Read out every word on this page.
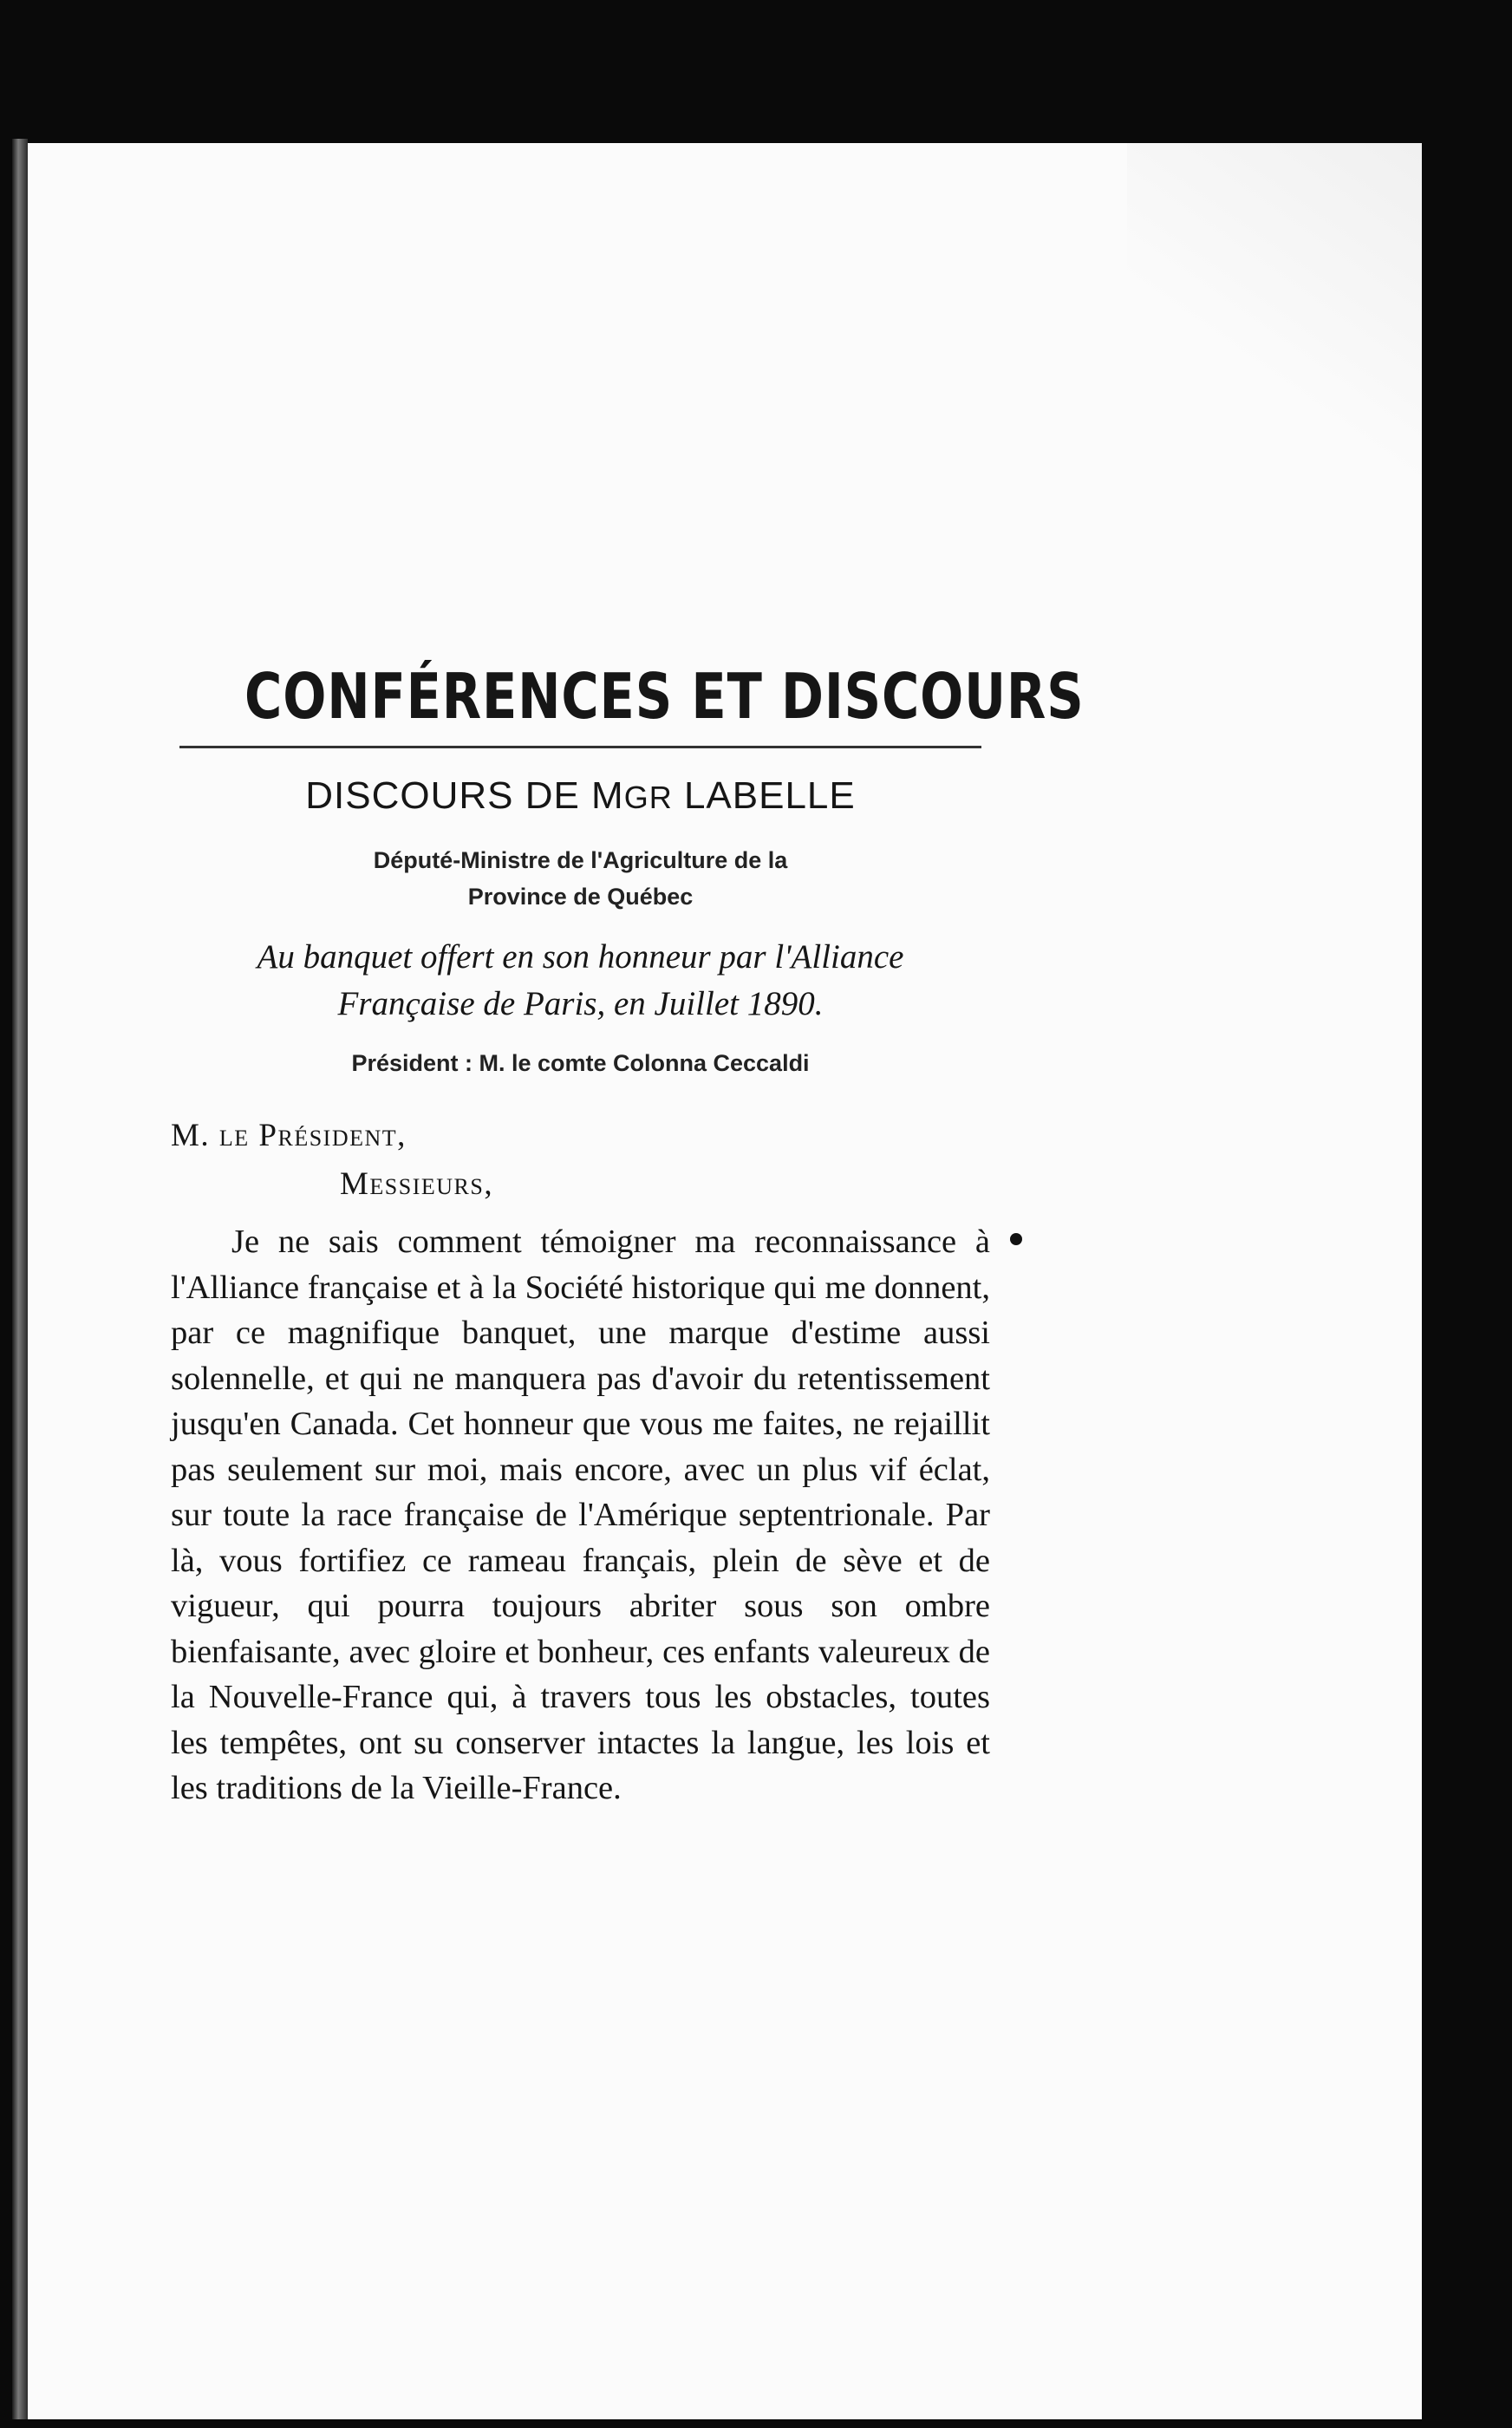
CONFÉRENCES ET DISCOURS
DISCOURS DE MGR LABELLE

Député-Ministre de l'Agriculture de la
Province de Québec

Au banquet offert en son honneur par l'Alliance
Française de Paris, en Juillet 1890.

Président : M. le comte Colonna Ceccaldi

M. le Président,

Messieurs,

Je ne sais comment témoigner ma reconnaissance à l'Alliance française et à la Société historique qui me donnent, par ce magnifique banquet, une marque d'estime aussi solennelle, et qui ne manquera pas d'avoir du retentissement jusqu'en Canada. Cet honneur que vous me faites, ne rejaillit pas seulement sur moi, mais encore, avec un plus vif éclat, sur toute la race française de l'Amérique septentrionale. Par là, vous fortifiez ce rameau français, plein de sève et de vigueur, qui pourra toujours abriter sous son ombre bienfaisante, avec gloire et bonheur, ces enfants valeureux de la Nouvelle-France qui, à travers tous les obstacles, toutes les tempêtes, ont su conserver intactes la langue, les lois et les traditions de la Vieille-France.
